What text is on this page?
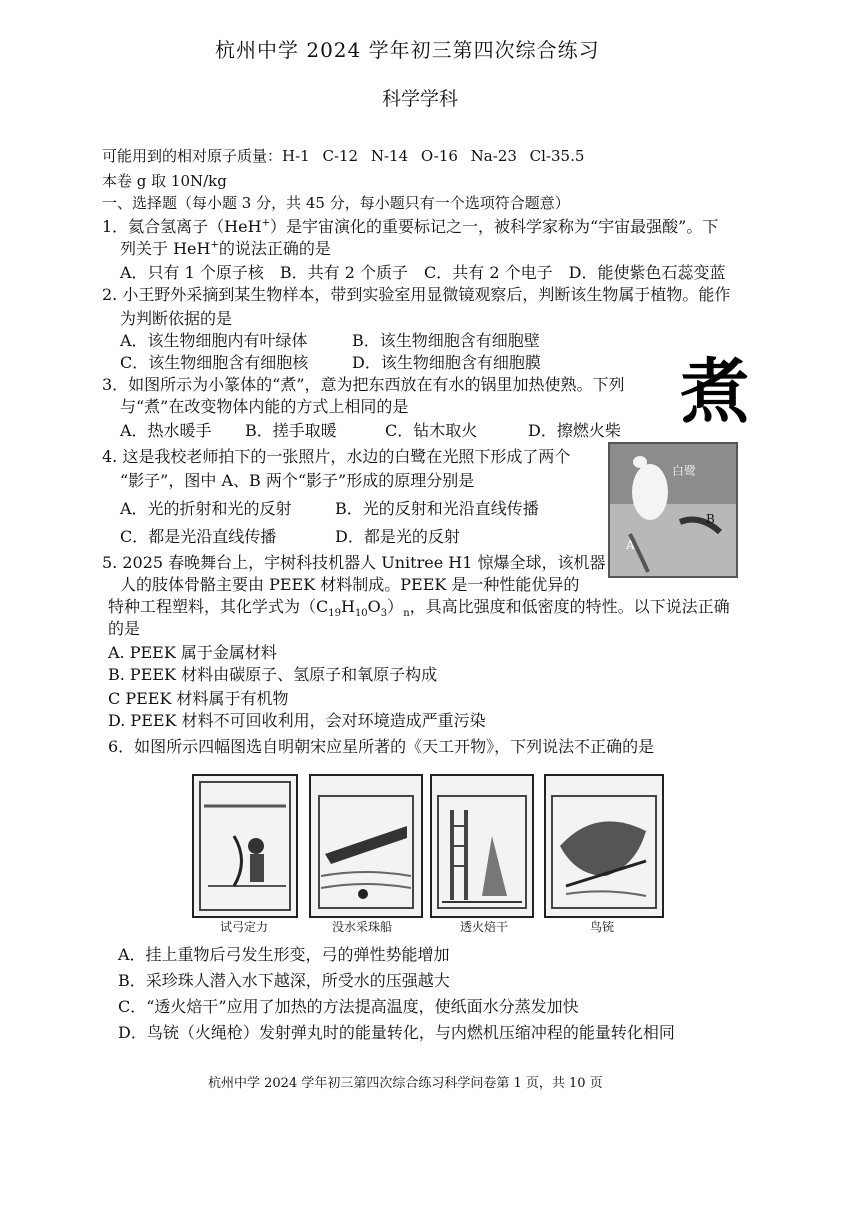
杭州中学 2024 学年初三第四次综合练习
科学学科
可能用到的相对原子质量：H-1 C-12 N-14 O-16 Na-23 Cl-35.5
本卷 g 取 10N/kg
一、选择题（每小题 3 分，共 45 分，每小题只有一个选项符合题意）
1．氦合氢离子（HeH+）是宇宙演化的重要标记之一，被科学家称为“宇宙最强酸”。下
列关于 HeH+的说法正确的是
A．只有 1 个原子核　B．共有 2 个质子　C．共有 2 个电子　D．能使紫色石蕊变蓝
2. 小王野外采摘到某生物样本，带到实验室用显微镜观察后，判断该生物属于植物。能作
为判断依据的是
A．该生物细胞内有叶绿体	B．该生物细胞含有细胞壁
C．该生物细胞含有细胞核	D．该生物细胞含有细胞膜
3．如图所示为小篆体的“煮”，意为把东西放在有水的锅里加热使熟。下列
与“煮”在改变物体内能的方式上相同的是
A．热水暖手 B．搓手取暖	C．钻木取火	D．擦燃火柴 煮
4. 这是我校老师拍下的一张照片，水边的白鹭在光照下形成了两个
“影子”，图中 A、B 两个“影子”形成的原理分别是
A．光的折射和光的反射	B．光的反射和光沿直线传播
C．都是光沿直线传播	D．都是光的反射
白鹭
B
A
5. 2025 春晚舞台上，宇树科技机器人 Unitree H1 惊爆全球，该机器
人的肢体骨骼主要由 PEEK 材料制成。PEEK 是一种性能优异的
特种工程塑料，其化学式为$(C_{19}H_{10}O_3)_n$，具高比强度和低密度的特性。以下说法正确
的是
A. PEEK 属于金属材料
B. PEEK 材料由碳原子、氢原子和氧原子构成
C PEEK 材料属于有机物
D. PEEK 材料不可回收利用，会对环境造成严重污染
6．如图所示四幅图选自明朝宋应星所著的《天工开物》，下列说法不正确的是
试弓定力	没水采珠船	透火焙干	鸟铳
A．挂上重物后弓发生形变，弓的弹性势能增加
B．采珍珠人潜入水下越深，所受水的压强越大
C．“透火焙干”应用了加热的方法提高温度，使纸面水分蒸发加快
D．鸟铳（火绳枪）发射弹丸时的能量转化，与内燃机压缩冲程的能量转化相同
杭州中学 2024 学年初三第四次综合练习科学问卷第 1 页，共 10 页
